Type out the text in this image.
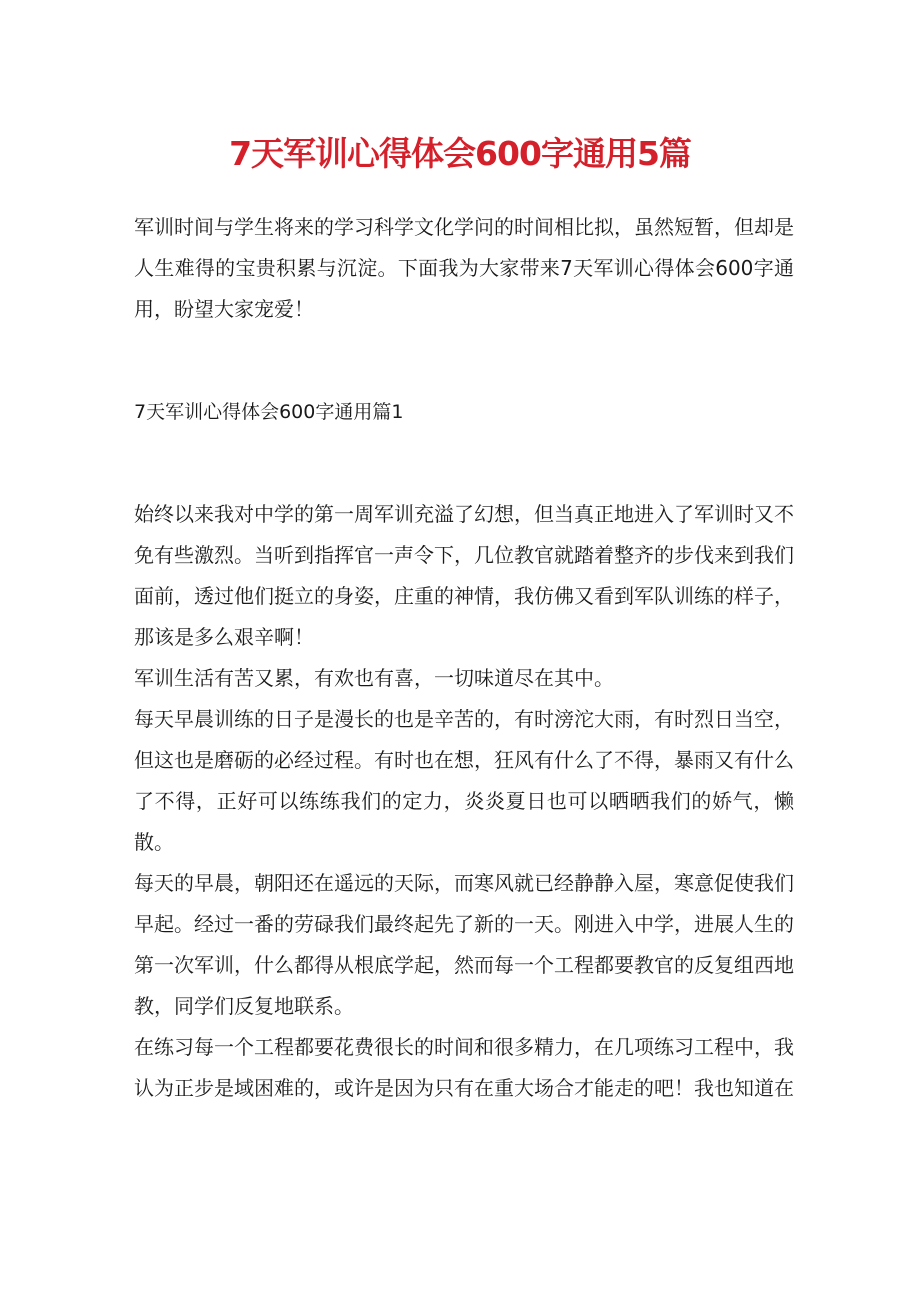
7天军训心得体会600字通用5篇

军训时间与学生将来的学习科学文化学问的时间相比拟，虽然短暂，但却是人生难得的宝贵积累与沉淀。下面我为大家带来7天军训心得体会600字通用，盼望大家宠爱！

7天军训心得体会600字通用篇1

始终以来我对中学的第一周军训充溢了幻想，但当真正地进入了军训时又不免有些激烈。当听到指挥官一声令下，几位教官就踏着整齐的步伐来到我们面前，透过他们挺立的身姿，庄重的神情，我仿佛又看到军队训练的样子，那该是多么艰辛啊！

军训生活有苦又累，有欢也有喜，一切味道尽在其中。

每天早晨训练的日子是漫长的也是辛苦的，有时滂沱大雨，有时烈日当空，但这也是磨砺的必经过程。有时也在想，狂风有什么了不得，暴雨又有什么了不得，正好可以练练我们的定力，炎炎夏日也可以晒晒我们的娇气，懒散。

每天的早晨，朝阳还在遥远的天际，而寒风就已经静静入屋，寒意促使我们早起。经过一番的劳碌我们最终起先了新的一天。刚进入中学，进展人生的第一次军训，什么都得从根底学起，然而每一个工程都要教官的反复组西地教，同学们反复地联系。

在练习每一个工程都要花费很长的时间和很多精力，在几项练习工程中，我认为正步是域困难的，或许是因为只有在重大场合才能走的吧！我也知道在
